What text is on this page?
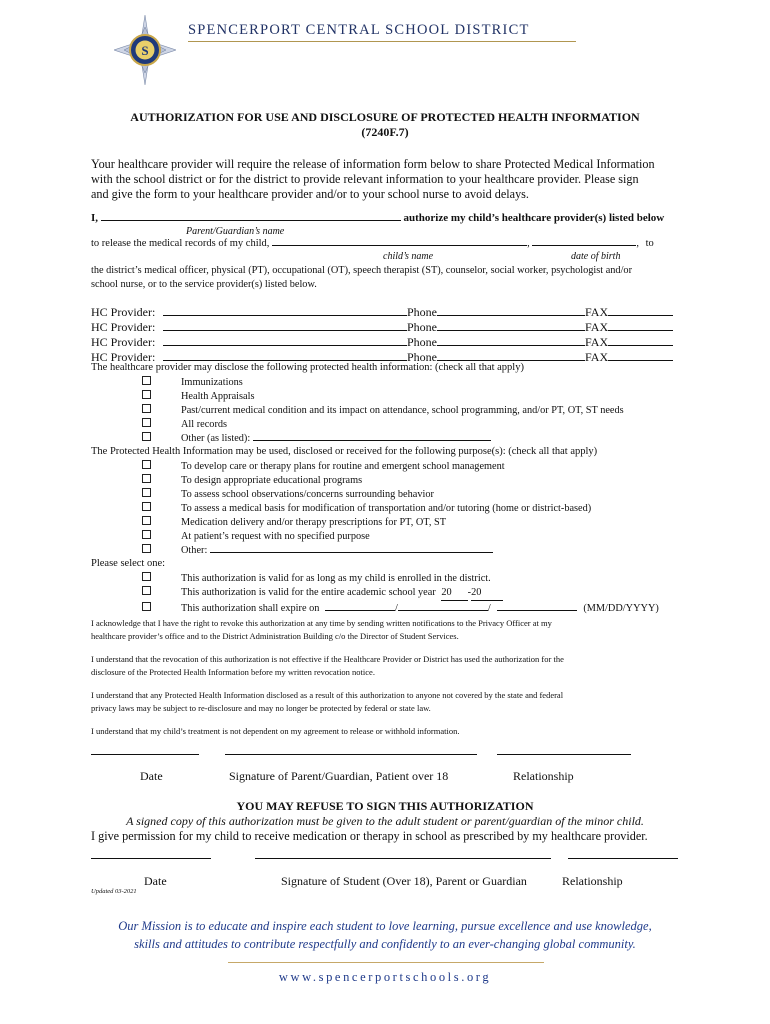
S
SPENCERPORT CENTRAL SCHOOL DISTRICT
AUTHORIZATION FOR USE AND DISCLOSURE OF PROTECTED HEALTH INFORMATION
(7240F.7)
Your healthcare provider will require the release of information form below to share Protected Medical Information
with the school district or for the district to provide relevant information to your healthcare provider. Please sign
and give the form to your healthcare provider and/or to your school nurse to avoid delays.
I,	authorize my child’s healthcare provider(s) listed below
Parent/Guardian’s name
to release the medical records of my child,	,	, to
child’s name	date of birth
the district’s medical officer, physical (PT), occupational (OT), speech therapist (ST), counselor, social worker, psychologist and/or
school nurse, or to the service provider(s) listed below.
HC Provider:	Phone	FAX
HC Provider:	Phone	FAX
HC Provider:	Phone	FAX
HC Provider:	Phone	FAX
The healthcare provider may disclose the following protected health information: (check all that apply)
Immunizations
Health Appraisals
Past/current medical condition and its impact on attendance, school programming, and/or PT, OT, ST needs
All records
Other (as listed):
The Protected Health Information may be used, disclosed or received for the following purpose(s): (check all that apply)
To develop care or therapy plans for routine and emergent school management
To design appropriate educational programs
To assess school observations/concerns surrounding behavior
To assess a medical basis for modification of transportation and/or tutoring (home or district-based)
Medication delivery and/or therapy prescriptions for PT, OT, ST
At patient’s request with no specified purpose
Other:
Please select one:
This authorization is valid for as long as my child is enrolled in the district.
This authorization is valid for the entire academic school year 20 -20
This authorization shall expire on	/	/	(MM/DD/YYYY)
I acknowledge that I have the right to revoke this authorization at any time by sending written notifications to the Privacy Officer at my
healthcare provider’s office and to the District Administration Building c/o the Director of Student Services.
I understand that the revocation of this authorization is not effective if the Healthcare Provider or District has used the authorization for the
disclosure of the Protected Health Information before my written revocation notice.
I understand that any Protected Health Information disclosed as a result of this authorization to anyone not covered by the state and federal
privacy laws may be subject to re-disclosure and may no longer be protected by federal or state law.
I understand that my child’s treatment is not dependent on my agreement to release or withhold information.
Date	Signature of Parent/Guardian, Patient over 18	Relationship
YOU MAY REFUSE TO SIGN THIS AUTHORIZATION
A signed copy of this authorization must be given to the adult student or parent/guardian of the minor child.
I give permission for my child to receive medication or therapy in school as prescribed by my healthcare provider.
Date	Signature of Student (Over 18), Parent or Guardian	Relationship
Updated 03-2021
Our Mission is to educate and inspire each student to love learning, pursue excellence and use knowledge,
skills and attitudes to contribute respectfully and confidently to an ever-changing global community.
www.spencerportschools.org
